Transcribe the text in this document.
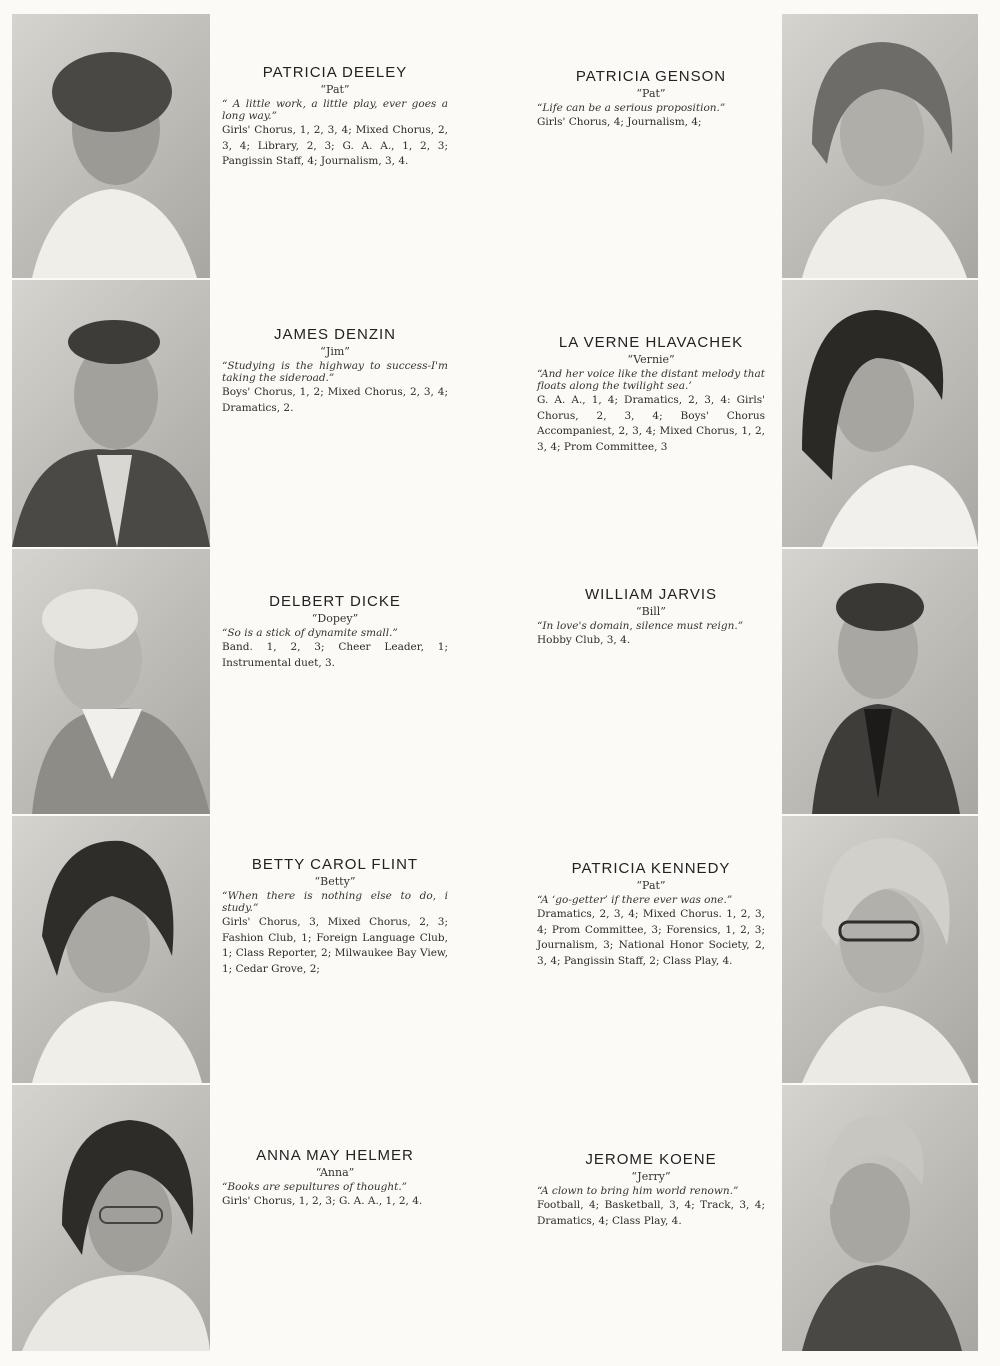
PATRICIA DEELEY
“Pat”
“ A little work, a little play, ever goes a long way.”
Girls' Chorus, 1, 2, 3, 4; Mixed Chorus, 2, 3, 4; Library, 2, 3; G. A. A., 1, 2, 3; Pangissin Staff, 4; Journalism, 3, 4.
JAMES DENZIN
“Jim”
“Studying is the highway to success-I'm taking the sideroad.”
Boys' Chorus, 1, 2; Mixed Chorus, 2, 3, 4; Dramatics, 2.
DELBERT DICKE
“Dopey”
“So is a stick of dynamite small.”
Band. 1, 2, 3; Cheer Leader, 1; Instrumental duet, 3.
BETTY CAROL FLINT
“Betty”
“When there is nothing else to do, i study.”
Girls' Chorus, 3, Mixed Chorus, 2, 3; Fashion Club, 1; Foreign Language Club, 1; Class Reporter, 2; Milwaukee Bay View, 1; Cedar Grove, 2;
ANNA MAY HELMER
“Anna”
“Books are sepultures of thought.”
Girls' Chorus, 1, 2, 3; G. A. A., 1, 2, 4.
PATRICIA GENSON
“Pat”
“Life can be a serious proposition.”
Girls' Chorus, 4; Journalism, 4;
LA VERNE HLAVACHEK
“Vernie”
“And her voice like the distant melody that floats along the twilight sea.’
G. A. A., 1, 4; Dramatics, 2, 3, 4: Girls' Chorus, 2, 3, 4; Boys' Chorus Accompaniest, 2, 3, 4; Mixed Chorus, 1, 2, 3, 4; Prom Committee, 3
WILLIAM JARVIS
“Bill”
“In love's domain, silence must reign.”
Hobby Club, 3, 4.
PATRICIA KENNEDY
“Pat”
“A ‘go-getter’ if there ever was one.”
Dramatics, 2, 3, 4; Mixed Chorus. 1, 2, 3, 4; Prom Committee, 3; Forensics, 1, 2, 3; Journalism, 3; National Honor Society, 2, 3, 4; Pangissin Staff, 2; Class Play, 4.
JEROME KOENE
“Jerry”
“A clown to bring him world renown.”
Football, 4; Basketball, 3, 4; Track, 3, 4; Dramatics, 4; Class Play, 4.
